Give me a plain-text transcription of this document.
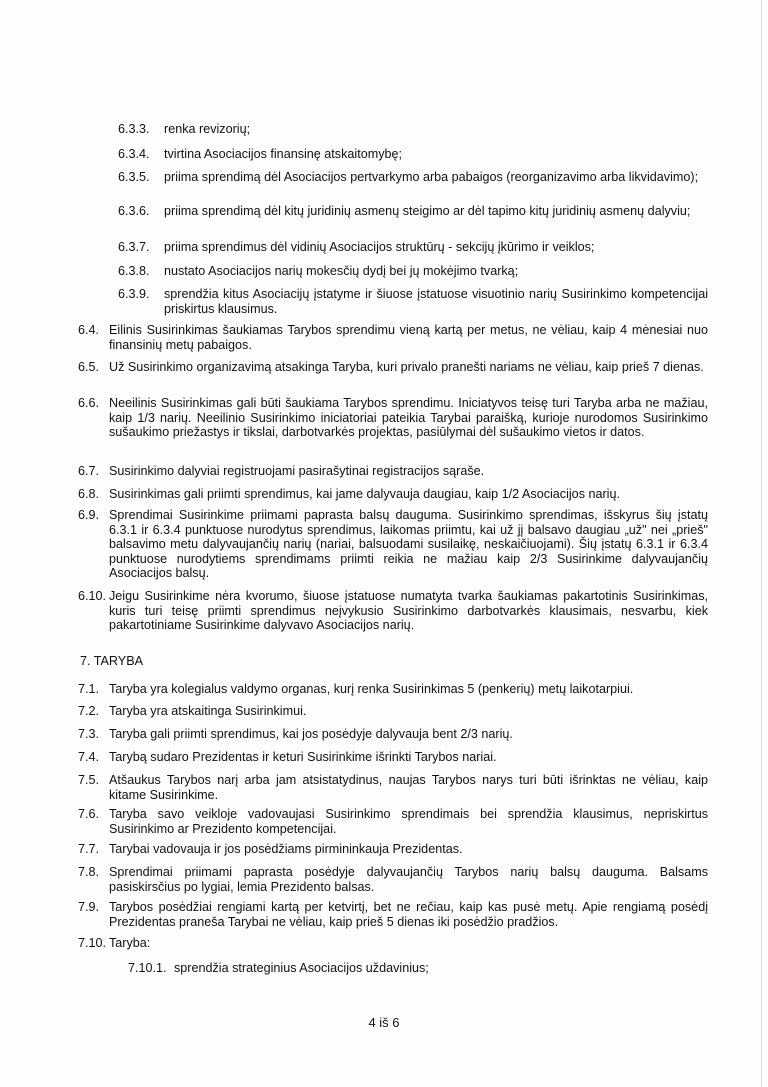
6.3.3. renka revizorių;
6.3.4. tvirtina Asociacijos finansinę atskaitomybę;
6.3.5. priima sprendimą dėl Asociacijos pertvarkymo arba pabaigos (reorganizavimo arba likvidavimo);
6.3.6. priima sprendimą dėl kitų juridinių asmenų steigimo ar dėl tapimo kitų juridinių asmenų dalyviu;
6.3.7. priima sprendimus dėl vidinių Asociacijos struktūrų - sekcijų įkūrimo ir veiklos;
6.3.8. nustato Asociacijos narių mokesčių dydį bei jų mokėjimo tvarką;
6.3.9. sprendžia kitus Asociacijų įstatyme ir šiuose įstatuose visuotinio narių Susirinkimo kompetencijai priskirtus klausimus.
6.4. Eilinis Susirinkimas šaukiamas Tarybos sprendimu vieną kartą per metus, ne vėliau, kaip 4 mėnesiai nuo finansinių metų pabaigos.
6.5. Už Susirinkimo organizavimą atsakinga Taryba, kuri privalo pranešti nariams ne vėliau, kaip prieš 7 dienas.
6.6. Neeilinis Susirinkimas gali būti šaukiama Tarybos sprendimu. Iniciatyvos teisę turi Taryba arba ne mažiau, kaip 1/3 narių. Neeilinio Susirinkimo iniciatoriai pateikia Tarybai paraišką, kurioje nurodomos Susirinkimo sušaukimo priežastys ir tikslai, darbotvarkės projektas, pasiūlymai dėl sušaukimo vietos ir datos.
6.7. Susirinkimo dalyviai registruojami pasirašytinai registracijos sąraše.
6.8. Susirinkimas gali priimti sprendimus, kai jame dalyvauja daugiau, kaip 1/2 Asociacijos narių.
6.9. Sprendimai Susirinkime priimami paprasta balsų dauguma. Susirinkimo sprendimas, išskyrus šių įstatų 6.3.1 ir 6.3.4 punktuose nurodytus sprendimus, laikomas priimtu, kai už jį balsavo daugiau „už" nei „prieš" balsavimo metu dalyvaujančių narių (nariai, balsuodami susilaikę, neskaičiuojami). Šių įstatų 6.3.1 ir 6.3.4 punktuose nurodytiems sprendimams priimti reikia ne mažiau kaip 2/3 Susirinkime dalyvaujančių Asociacijos balsų.
6.10. Jeigu Susirinkime nėra kvorumo, šiuose įstatuose numatyta tvarka šaukiamas pakartotinis Susirinkimas, kuris turi teisę priimti sprendimus neįvykusio Susirinkimo darbotvarkės klausimais, nesvarbu, kiek pakartotiniame Susirinkime dalyvavo Asociacijos narių.
7. TARYBA
7.1. Taryba yra kolegialus valdymo organas, kurį renka Susirinkimas 5 (penkerių) metų laikotarpiui.
7.2. Taryba yra atskaitinga Susirinkimui.
7.3. Taryba gali priimti sprendimus, kai jos posėdyje dalyvauja bent 2/3 narių.
7.4. Tarybą sudaro Prezidentas ir keturi Susirinkime išrinkti Tarybos nariai.
7.5. Atšaukus Tarybos narį arba jam atsistatydinus, naujas Tarybos narys turi būti išrinktas ne vėliau, kaip kitame Susirinkime.
7.6. Taryba savo veikloje vadovaujasi Susirinkimo sprendimais bei sprendžia klausimus, nepriskirtus Susirinkimo ar Prezidento kompetencijai.
7.7. Tarybai vadovauja ir jos posėdžiams pirmininkauja Prezidentas.
7.8. Sprendimai priimami paprasta posėdyje dalyvaujančių Tarybos narių balsų dauguma. Balsams pasiskirsčius po lygiai, lemia Prezidento balsas.
7.9. Tarybos posėdžiai rengiami kartą per ketvirtį, bet ne rečiau, kaip kas pusė metų. Apie rengiamą posėdį Prezidentas praneša Tarybai ne vėliau, kaip prieš 5 dienas iki posėdžio pradžios.
7.10. Taryba:
7.10.1. sprendžia strateginius Asociacijos uždavinius;
4 iš 6
